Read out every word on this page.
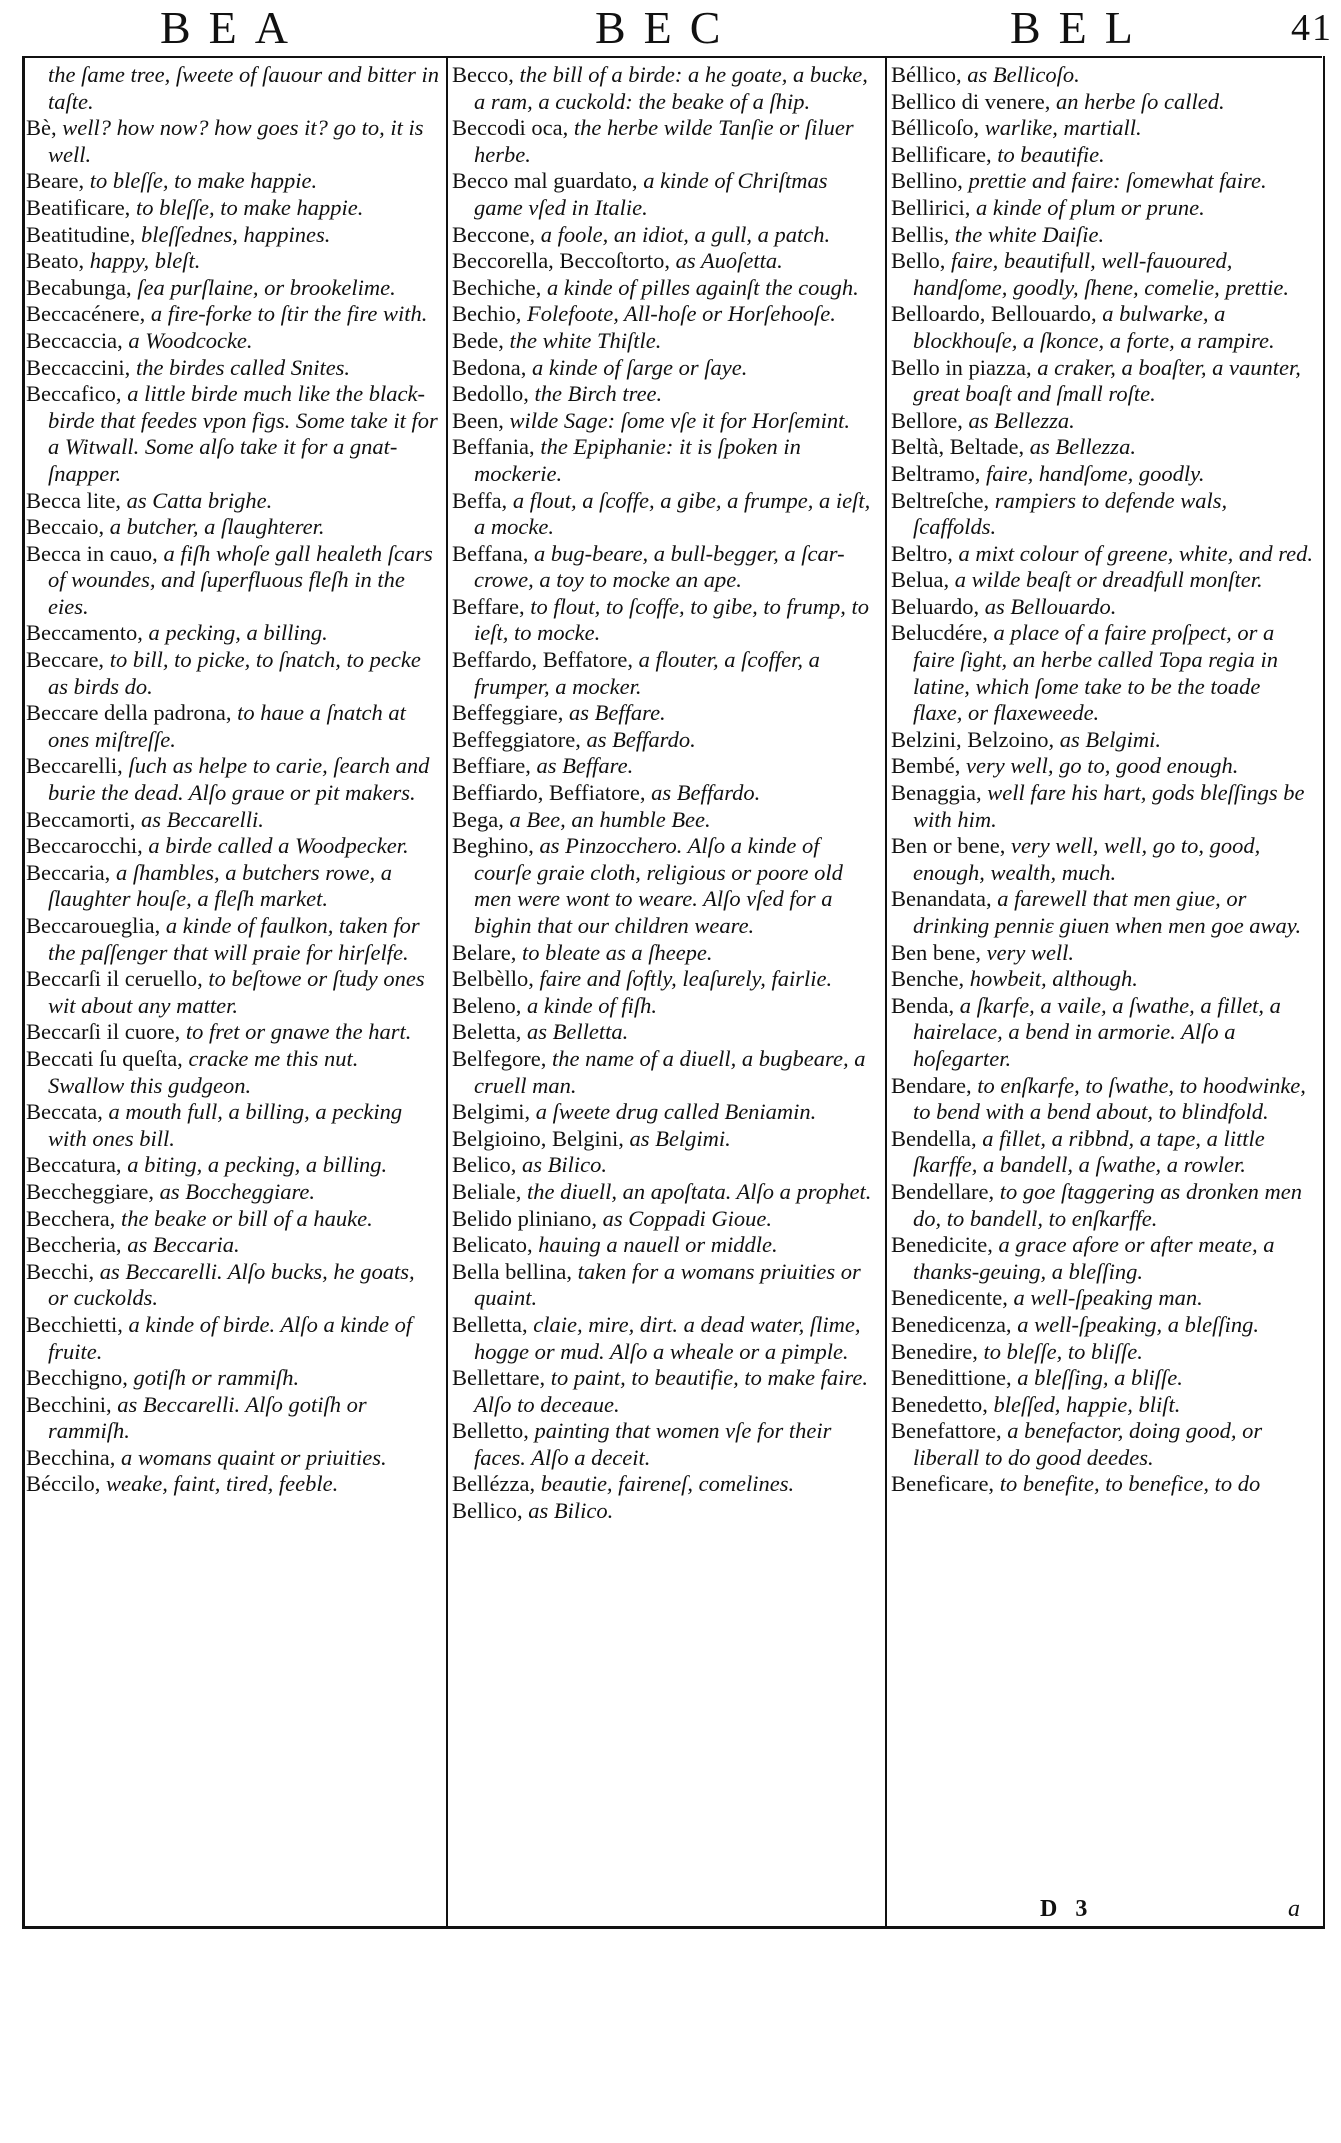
BEA	BEC	BEL	41

the ſame tree, ſweete of ſauour and bitter in taſte.

Bè, well? how now? how goes it? go to, it is well.

Beare, to bleſſe, to make happie.

Beatificare, to bleſſe, to make happie.

Beatitudine, bleſſednes, happines.

Beato, happy, bleſt.

Becabunga, ſea purſlaine, or brookelime.

Beccacénere, a fire-forke to ſtir the fire with.

Beccaccia, a Woodcocke.

Beccaccini, the birdes called Snites.

Beccafico, a little birde much like the black-birde that feedes vpon figs. Some take it for a Witwall. Some alſo take it for a gnat-ſnapper.

Becca lite, as Catta brighe.

Beccaio, a butcher, a ſlaughterer.

Becca in cauo, a fiſh whoſe gall healeth ſcars of woundes, and ſuperfluous fleſh in the eies.

Beccamento, a pecking, a billing.

Beccare, to bill, to picke, to ſnatch, to pecke as birds do.

Beccare della padrona, to haue a ſnatch at ones miſtreſſe.

Beccarelli, ſuch as helpe to carie, ſearch and burie the dead. Alſo graue or pit makers.

Beccamorti, as Beccarelli.

Beccarocchi, a birde called a Woodpecker.

Beccaria, a ſhambles, a butchers rowe, a ſlaughter houſe, a fleſh market.

Beccaroueglia, a kinde of faulkon, taken for the paſſenger that will praie for hirſelfe.

Beccarſi il ceruello, to beſtowe or ſtudy ones wit about any matter.

Beccarſi il cuore, to fret or gnawe the hart.

Beccati ſu queſta, cracke me this nut. Swallow this gudgeon.

Beccata, a mouth full, a billing, a pecking with ones bill.

Beccatura, a biting, a pecking, a billing.

Beccheggiare, as Boccheggiare.

Becchera, the beake or bill of a hauke.

Beccheria, as Beccaria.

Becchi, as Beccarelli. Alſo bucks, he goats, or cuckolds.

Becchietti, a kinde of birde. Alſo a kinde of fruite.

Becchigno, gotiſh or rammiſh.

Becchini, as Beccarelli. Alſo gotiſh or rammiſh.

Becchina, a womans quaint or priuities.

Béccilo, weake, faint, tired, feeble.

Becco, the bill of a birde: a he goate, a bucke, a ram, a cuckold: the beake of a ſhip.

Beccodi oca, the herbe wilde Tanſie or ſiluer herbe.

Becco mal guardato, a kinde of Chriſtmas game vſed in Italie.

Beccone, a foole, an idiot, a gull, a patch.

Beccorella, Beccoſtorto, as Auoſetta.

Bechiche, a kinde of pilles againſt the cough.

Bechio, Folefoote, All-hoſe or Horſehooſe.

Bede, the white Thiſtle.

Bedona, a kinde of ſarge or ſaye.

Bedollo, the Birch tree.

Been, wilde Sage: ſome vſe it for Horſemint.

Beffania, the Epiphanie: it is ſpoken in mockerie.

Beffa, a flout, a ſcoffe, a gibe, a frumpe, a ieſt, a mocke.

Beffana, a bug-beare, a bull-begger, a ſcar-crowe, a toy to mocke an ape.

Beffare, to flout, to ſcoffe, to gibe, to frump, to ieſt, to mocke.

Beffardo, Beffatore, a flouter, a ſcoffer, a frumper, a mocker.

Beffeggiare, as Beffare.

Beffeggiatore, as Beffardo.

Beffiare, as Beffare.

Beffiardo, Beffiatore, as Beffardo.

Bega, a Bee, an humble Bee.

Beghino, as Pinzocchero. Alſo a kinde of courſe graie cloth, religious or poore old men were wont to weare. Alſo vſed for a bighin that our children weare.

Belare, to bleate as a ſheepe.

Belbèllo, faire and ſoftly, leaſurely, fairlie.

Beleno, a kinde of fiſh.

Beletta, as Belletta.

Belfegore, the name of a diuell, a bugbeare, a cruell man.

Belgimi, a ſweete drug called Beniamin.

Belgioino, Belgini, as Belgimi.

Belico, as Bilico.

Beliale, the diuell, an apoſtata. Alſo a prophet.

Belido pliniano, as Coppadi Gioue.

Belicato, hauing a nauell or middle.

Bella bellina, taken for a womans priuities or quaint.

Belletta, claie, mire, dirt. a dead water, ſlime, hogge or mud. Alſo a wheale or a pimple.

Bellettare, to paint, to beautifie, to make faire. Alſo to deceaue.

Belletto, painting that women vſe for their faces. Alſo a deceit.

Bellézza, beautie, faireneſ, comelines.

Bellico, as Bilico.

Béllico, as Bellicoſo.

Bellico di venere, an herbe ſo called.

Béllicoſo, warlike, martiall.

Bellificare, to beautifie.

Bellino, prettie and faire: ſomewhat faire.

Bellirici, a kinde of plum or prune.

Bellis, the white Daiſie.

Bello, faire, beautifull, well-fauoured, handſome, goodly, ſhene, comelie, prettie.

Belloardo, Bellouardo, a bulwarke, a blockhouſe, a ſkonce, a forte, a rampire.

Bello in piazza, a craker, a boaſter, a vaunter, great boaſt and ſmall roſte.

Bellore, as Bellezza.

Beltà, Beltade, as Bellezza.

Beltramo, faire, handſome, goodly.

Beltreſche, rampiers to defende wals, ſcaffolds.

Beltro, a mixt colour of greene, white, and red.

Belua, a wilde beaſt or dreadfull monſter.

Beluardo, as Bellouardo.

Belucdére, a place of a faire proſpect, or a faire ſight, an herbe called Topa regia in latine, which ſome take to be the toade flaxe, or flaxeweede.

Belzini, Belzoino, as Belgimi.

Bembé, very well, go to, good enough.

Benaggia, well fare his hart, gods bleſſings be with him.

Ben or bene, very well, well, go to, good, enough, wealth, much.

Benandata, a farewell that men giue, or drinking penniε giuen when men goe away.

Ben bene, very well.

Benche, howbeit, although.

Benda, a ſkarfe, a vaile, a ſwathe, a fillet, a hairelace, a bend in armorie. Alſo a hoſegarter.

Bendare, to enſkarfe, to ſwathe, to hoodwinke, to bend with a bend about, to blindfold.

Bendella, a fillet, a ribbnd, a tape, a little ſkarffe, a bandell, a ſwathe, a rowler.

Bendellare, to goe ſtaggering as dronken men do, to bandell, to enſkarffe.

Benedicite, a grace afore or after meate, a thanks-geuing, a bleſſing.

Benedicente, a well-ſpeaking man.

Benedicenza, a well-ſpeaking, a bleſſing.

Benedire, to bleſſe, to bliſſe.

Benedittione, a bleſſing, a bliſſe.

Benedetto, bleſſed, happie, bliſt.

Benefattore, a benefactor, doing good, or liberall to do good deedes.

Beneficare, to benefite, to benefice, to do

D 3	a
